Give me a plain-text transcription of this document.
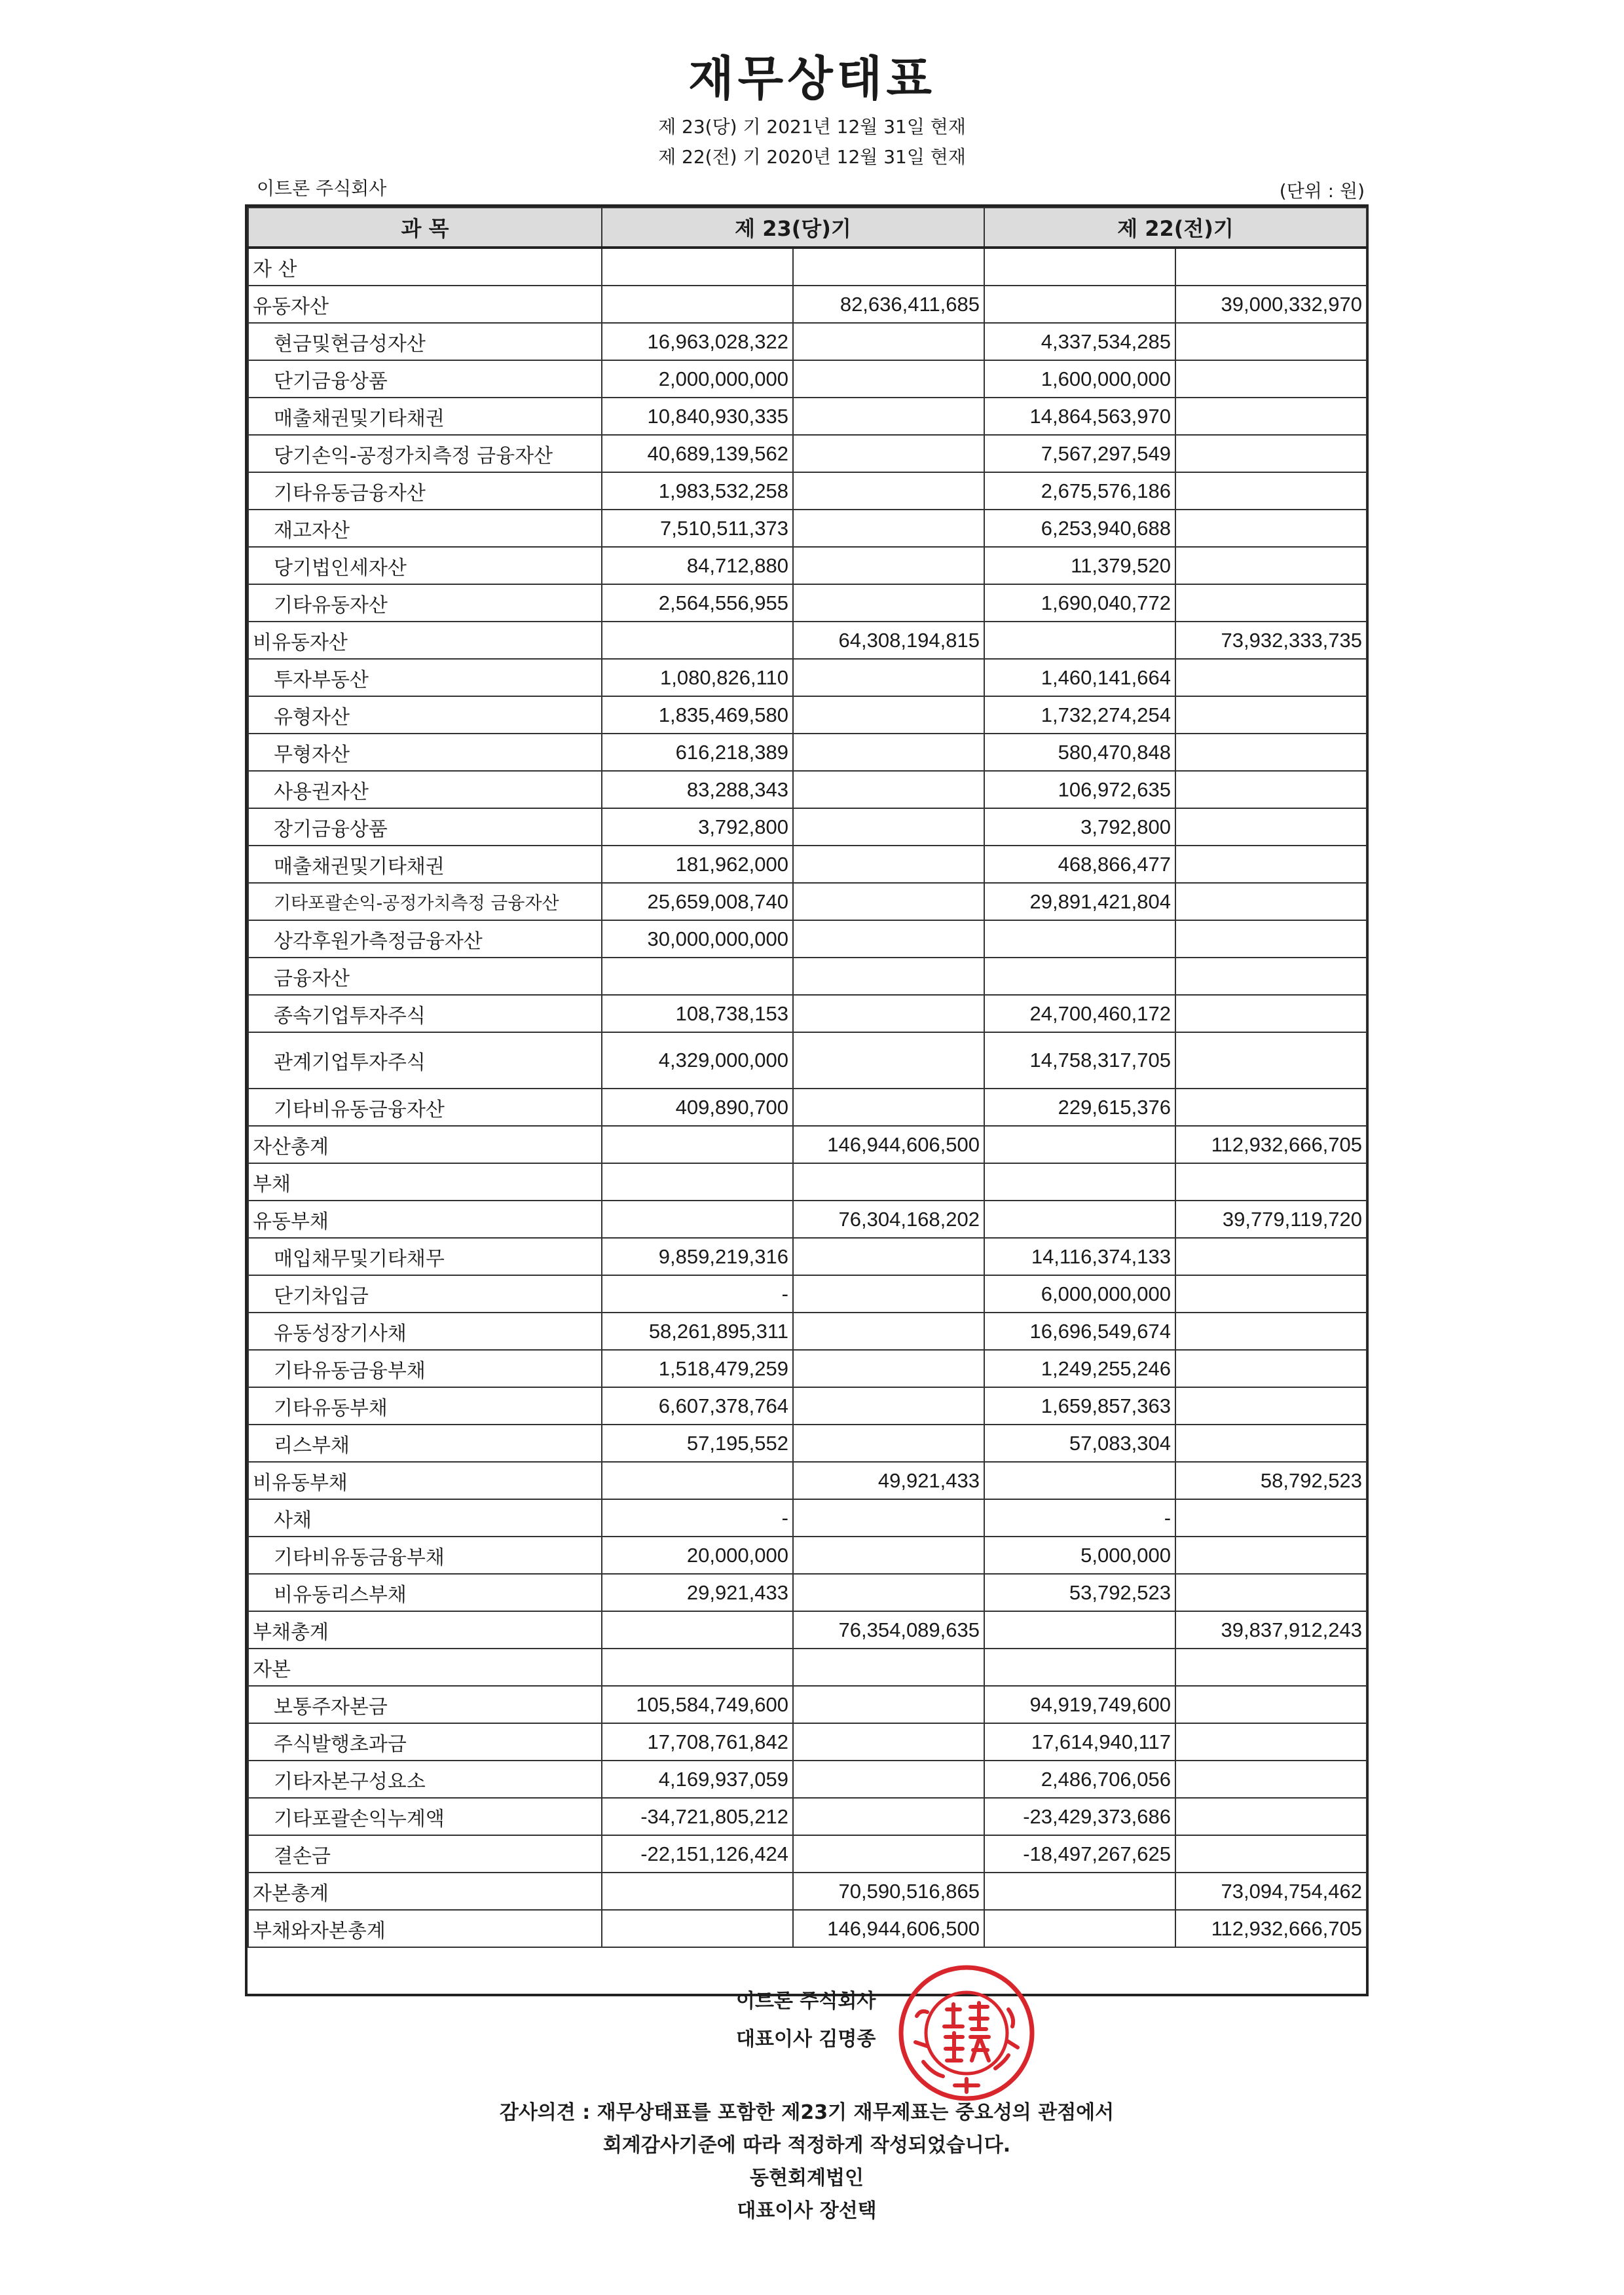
재무상태표
제 23(당) 기 2021년 12월 31일 현재
제 22(전) 기 2020년 12월 31일 현재
이트론 주식회사	(단위 : 원)
과 목	제 23(당)기		제 22(전)기	
자 산				
유동자산		82,636,411,685		39,000,332,970
현금및현금성자산	16,963,028,322		4,337,534,285	
단기금융상품	2,000,000,000		1,600,000,000	
매출채권및기타채권	10,840,930,335		14,864,563,970	
당기손익-공정가치측정 금융자산	40,689,139,562		7,567,297,549	
기타유동금융자산	1,983,532,258		2,675,576,186	
재고자산	7,510,511,373		6,253,940,688	
당기법인세자산	84,712,880		11,379,520	
기타유동자산	2,564,556,955		1,690,040,772	
비유동자산		64,308,194,815		73,932,333,735
투자부동산	1,080,826,110		1,460,141,664	
유형자산	1,835,469,580		1,732,274,254	
무형자산	616,218,389		580,470,848	
사용권자산	83,288,343		106,972,635	
장기금융상품	3,792,800		3,792,800	
매출채권및기타채권	181,962,000		468,866,477	
기타포괄손익-공정가치측정 금융자산	25,659,008,740		29,891,421,804	
상각후원가측정금융자산	30,000,000,000			
금융자산				
종속기업투자주식	108,738,153		24,700,460,172	
관계기업투자주식	4,329,000,000		14,758,317,705	
기타비유동금융자산	409,890,700		229,615,376	
자산총계		146,944,606,500		112,932,666,705
부채				
유동부채		76,304,168,202		39,779,119,720
매입채무및기타채무	9,859,219,316		14,116,374,133	
단기차입금	-		6,000,000,000	
유동성장기사채	58,261,895,311		16,696,549,674	
기타유동금융부채	1,518,479,259		1,249,255,246	
기타유동부채	6,607,378,764		1,659,857,363	
리스부채	57,195,552		57,083,304	
비유동부채		49,921,433		58,792,523
사채	-		-	
기타비유동금융부채	20,000,000		5,000,000	
비유동리스부채	29,921,433		53,792,523	
부채총계		76,354,089,635		39,837,912,243
자본				
보통주자본금	105,584,749,600		94,919,749,600	
주식발행초과금	17,708,761,842		17,614,940,117	
기타자본구성요소	4,169,937,059		2,486,706,056	
기타포괄손익누계액	-34,721,805,212		-23,429,373,686	
결손금	-22,151,126,424		-18,497,267,625	
자본총계		70,590,516,865		73,094,754,462
부채와자본총계		146,944,606,500		112,932,666,705
이트론 주식회사
대표이사 김명종
감사의견 : 재무상태표를 포함한 제23기 재무제표는 중요성의 관점에서
회계감사기준에 따라 적정하게 작성되었습니다.
동현회계법인
대표이사 장선택
